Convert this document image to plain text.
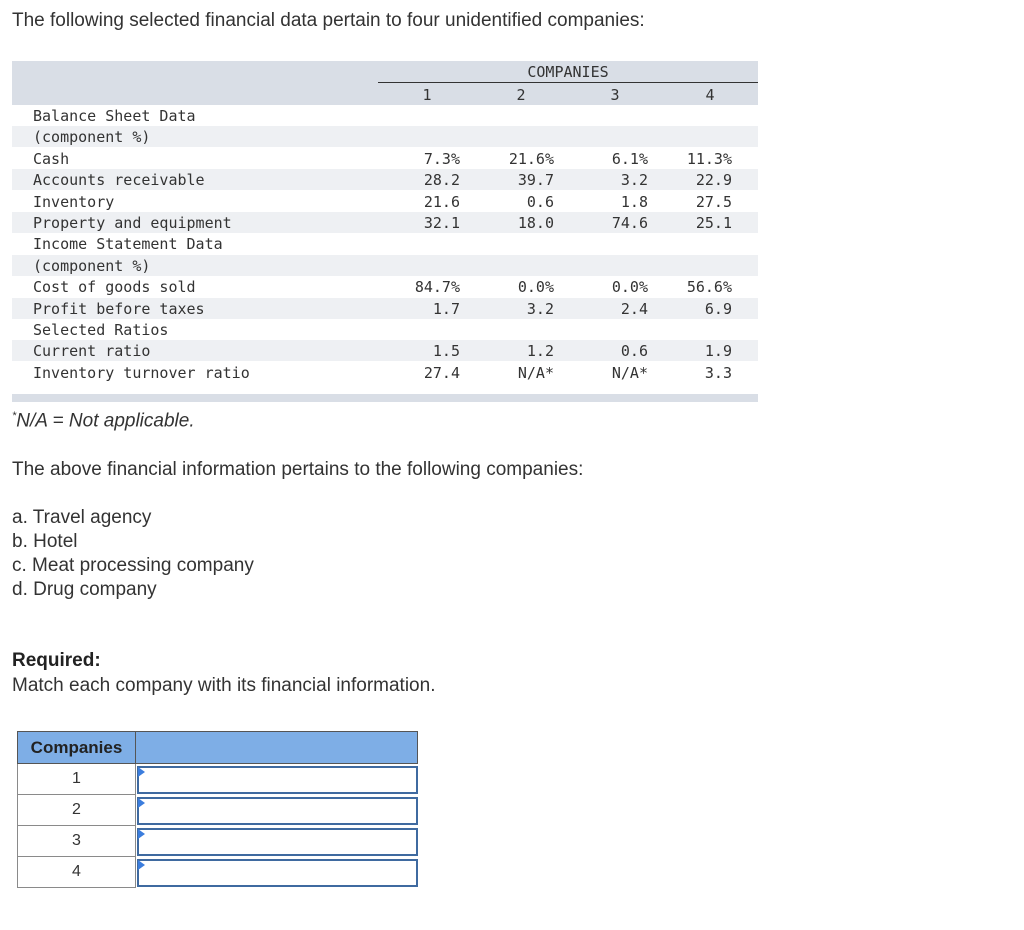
The following selected financial data pertain to four unidentified companies:
COMPANIES
1	2	3	4
Balance Sheet Data
(component %)
Cash	7.3%	21.6%	6.1%	11.3%
Accounts receivable	28.2	39.7	3.2	22.9
Inventory	21.6	0.6	1.8	27.5
Property and equipment	32.1	18.0	74.6	25.1
Income Statement Data
(component %)
Cost of goods sold	84.7%	0.0%	0.0%	56.6%
Profit before taxes	1.7	3.2	2.4	6.9
Selected Ratios
Current ratio	1.5	1.2	0.6	1.9
Inventory turnover ratio	27.4	N/A*	N/A*	3.3
*N/A = Not applicable.
The above financial information pertains to the following companies:
a. Travel agency
b. Hotel
c. Meat processing company
d. Drug company
Required:
Match each company with its financial information.
Companies
1
2
3
4
